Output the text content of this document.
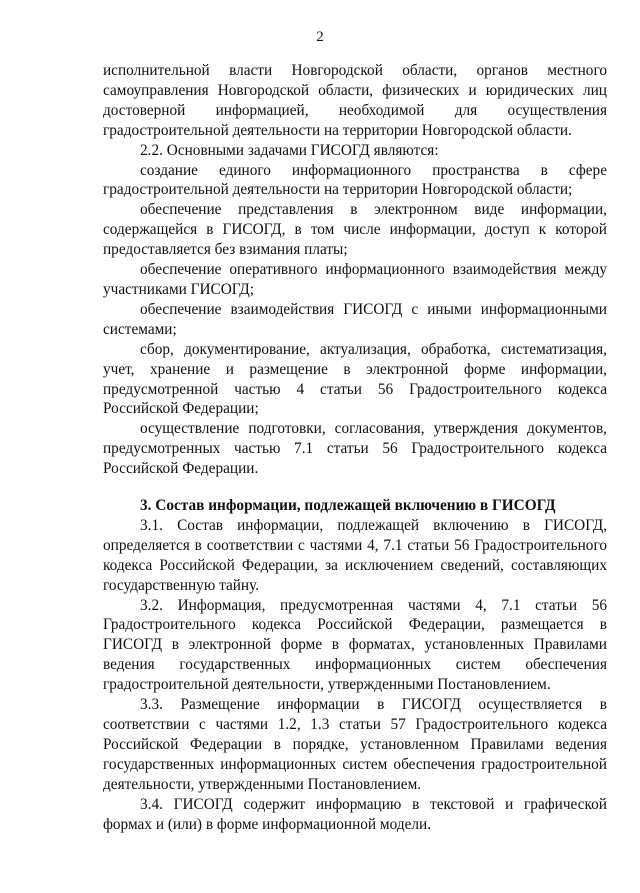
2

исполнительной власти Новгородской области, органов местного самоуправления Новгородской области, физических и юридических лиц достоверной информацией, необходимой для осуществления градостроительной деятельности на территории Новгородской области.

2.2. Основными задачами ГИСОГД являются:

создание единого информационного пространства в сфере градостроительной деятельности на территории Новгородской области;

обеспечение представления в электронном виде информации, содержащейся в ГИСОГД, в том числе информации, доступ к которой предоставляется без взимания платы;

обеспечение оперативного информационного взаимодействия между участниками ГИСОГД;

обеспечение взаимодействия ГИСОГД с иными информационными системами;

сбор, документирование, актуализация, обработка, систематизация, учет, хранение и размещение в электронной форме информации, предусмотренной частью 4 статьи 56 Градостроительного кодекса Российской Федерации;

осуществление подготовки, согласования, утверждения документов, предусмотренных частью 7.1 статьи 56 Градостроительного кодекса Российской Федерации.

3. Состав информации, подлежащей включению в ГИСОГД

3.1. Состав информации, подлежащей включению в ГИСОГД, определяется в соответствии с частями 4, 7.1 статьи 56 Градостроительного кодекса Российской Федерации, за исключением сведений, составляющих государственную тайну.

3.2. Информация, предусмотренная частями 4, 7.1 статьи 56 Градостроительного кодекса Российской Федерации, размещается в ГИСОГД в электронной форме в форматах, установленных Правилами ведения государственных информационных систем обеспечения градостроительной деятельности, утвержденными Постановлением.

3.3. Размещение информации в ГИСОГД осуществляется в соответствии с частями 1.2, 1.3 статьи 57 Градостроительного кодекса Российской Федерации в порядке, установленном Правилами ведения государственных информационных систем обеспечения градостроительной деятельности, утвержденными Постановлением.

3.4. ГИСОГД содержит информацию в текстовой и графической формах и (или) в форме информационной модели.
